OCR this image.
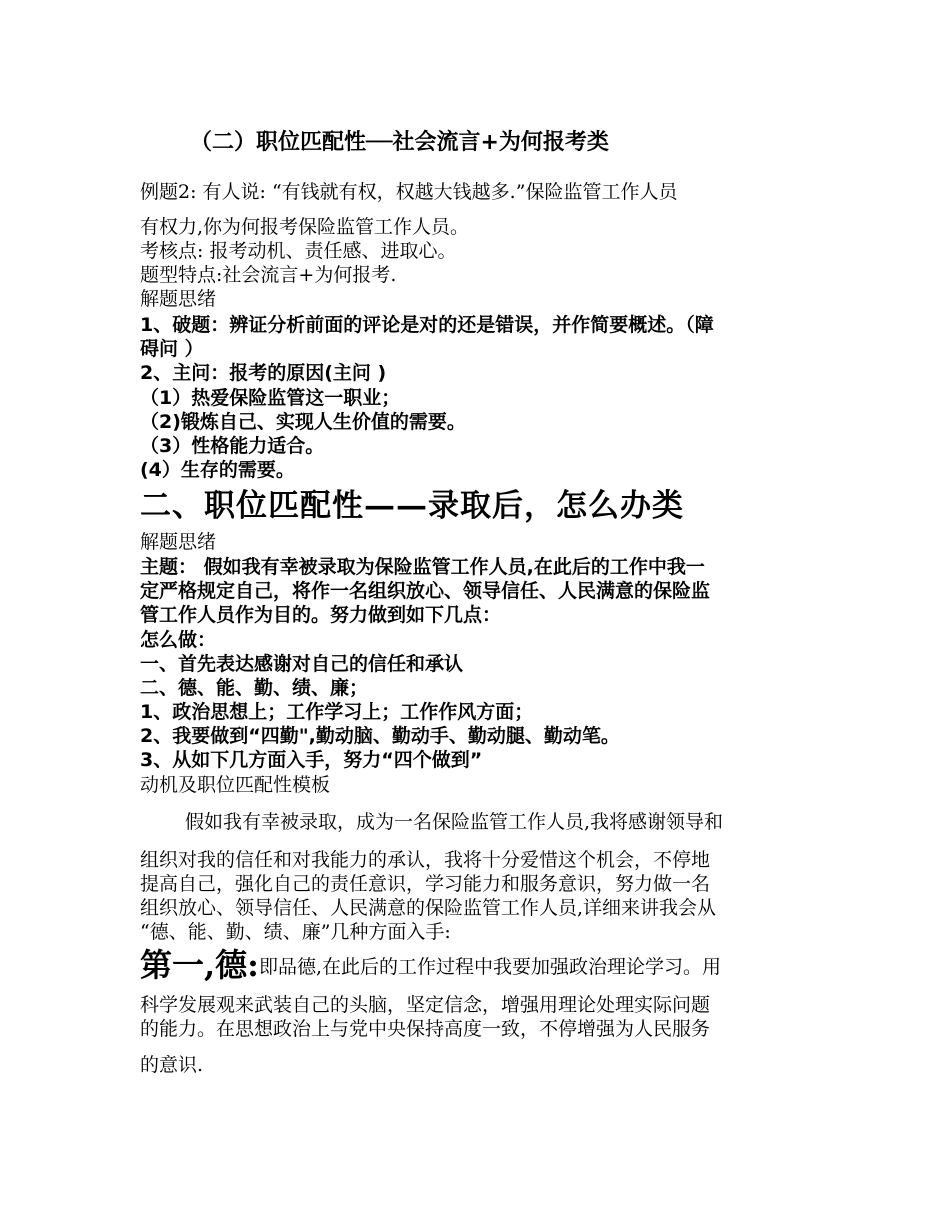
（二）职位匹配性──社会流言+为何报考类
例题2: 有人说: “有钱就有权，权越大钱越多.”保险监管工作人员
有权力,你为何报考保险监管工作人员。
考核点: 报考动机、责任感、进取心。
题型特点:社会流言+为何报考.
解题思绪
1、破题：辨证分析前面的评论是对的还是错误，并作简要概述。（障
碍问 ）
2、主问：报考的原因(主问 )
（1）热爱保险监管这一职业；
（2)锻炼自己、实现人生价值的需要。
（3）性格能力适合。
(4）生存的需要。
二、职位匹配性——录取后，怎么办类
解题思绪
主题： 假如我有幸被录取为保险监管工作人员,在此后的工作中我一
定严格规定自己，将作一名组织放心、领导信任、人民满意的保险监
管工作人员作为目的。努力做到如下几点：
怎么做：
一、首先表达感谢对自己的信任和承认
二、德、能、勤、绩、廉；
1、政治思想上；工作学习上；工作作风方面；
2、我要做到“四勤",勤动脑、勤动手、勤动腿、勤动笔。
3、从如下几方面入手，努力“四个做到”
动机及职位匹配性模板
假如我有幸被录取，成为一名保险监管工作人员,我将感谢领导和
组织对我的信任和对我能力的承认，我将十分爱惜这个机会，不停地
提高自己，强化自己的责任意识，学习能力和服务意识，努力做一名
组织放心、领导信任、人民满意的保险监管工作人员,详细来讲我会从
“德、能、勤、绩、廉”几种方面入手:
第一,德:即品德,在此后的工作过程中我要加强政治理论学习。用
科学发展观来武装自己的头脑，坚定信念，增强用理论处理实际问题
的能力。在思想政治上与党中央保持高度一致，不停增强为人民服务
的意识.
